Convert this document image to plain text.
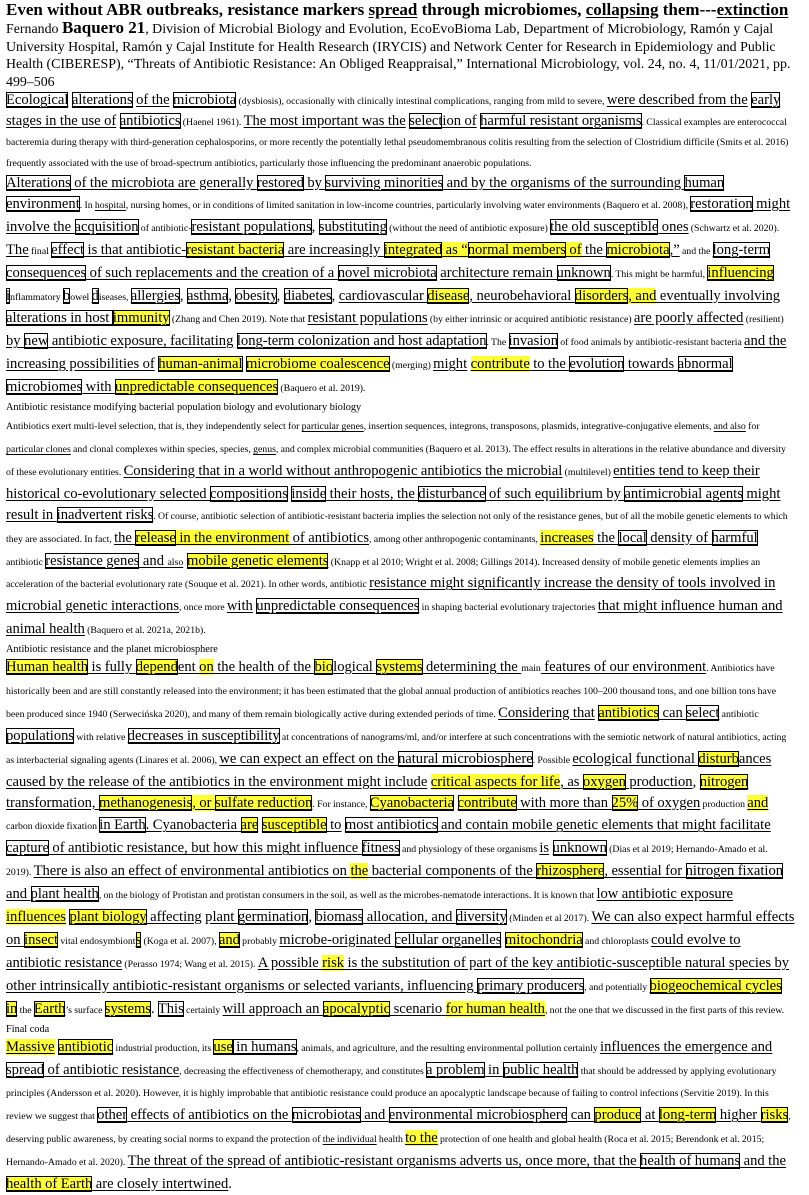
Even without ABR outbreaks, resistance markers spread through microbiomes, collapsing them---extinction

Fernando Baquero 21, Division of Microbial Biology and Evolution, EcoEvoBioma Lab, Department of Microbiology, Ramón y Cajal University Hospital, Ramón y Cajal Institute for Health Research (IRYCIS) and Network Center for Research in Epidemiology and Public Health (CIBERESP), “Threats of Antibiotic Resistance: An Obliged Reappraisal,” International Microbiology, vol. 24, no. 4, 11/01/2021, pp. 499–506

Ecological alterations of the microbiota (dysbiosis), occasionally with clinically intestinal complications, ranging from mild to severe, were described from the early stages in the use of antibiotics (Haenel 1961). The most important was the selection of harmful resistant organisms. Classical examples are enterococcal bacteremia during therapy with third-generation cephalosporins, or more recently the potentially lethal pseudomembranous colitis resulting from the selection of Clostridium difficile (Smits et al. 2016) frequently associated with the use of broad-spectrum antibiotics, particularly those influencing the predominant anaerobic populations.

Alterations of the microbiota are generally restored by surviving minorities and by the organisms of the surrounding human environment. In hospital, nursing homes, or in conditions of limited sanitation in low-income countries, particularly involving water environments (Baquero et al. 2008), restoration might involve the acquisition of antibiotic-resistant populations, substituting (without the need of antibiotic exposure) the old susceptible ones (Schwartz et al. 2020). The final effect is that antibiotic-resistant bacteria are increasingly integrated as “normal members of the microbiota,” and the long-term consequences of such replacements and the creation of a novel microbiota architecture remain unknown. This might be harmful, influencing inflammatory bowel diseases, allergies, asthma, obesity, diabetes, cardiovascular disease, neurobehavioral disorders, and eventually involving alterations in host immunity (Zhang and Chen 2019). Note that resistant populations (by either intrinsic or acquired antibiotic resistance) are poorly affected (resilient) by new antibiotic exposure, facilitating long-term colonization and host adaptation. The invasion of food animals by antibiotic-resistant bacteria and the increasing possibilities of human-animal microbiome coalescence (merging) might contribute to the evolution towards abnormal microbiomes with unpredictable consequences (Baquero et al. 2019).

Antibiotic resistance modifying bacterial population biology and evolutionary biology

Antibiotics exert multi-level selection, that is, they independently select for particular genes, insertion sequences, integrons, transposons, plasmids, integrative-conjugative elements, and also for particular clones and clonal complexes within species, species, genus, and complex microbial communities (Baquero et al. 2013). The effect results in alterations in the relative abundance and diversity of these evolutionary entities. Considering that in a world without anthropogenic antibiotics the microbial (multilevel) entities tend to keep their historical co-evolutionary selected compositions inside their hosts, the disturbance of such equilibrium by antimicrobial agents might result in inadvertent risks. Of course, antibiotic selection of antibiotic-resistant bacteria implies the selection not only of the resistance genes, but of all the mobile genetic elements to which they are associated. In fact, the release in the environment of antibiotics, among other anthropogenic contaminants, increases the local density of harmful antibiotic resistance genes and also mobile genetic elements (Knapp et al 2010; Wright et al. 2008; Gillings 2014). Increased density of mobile genetic elements implies an acceleration of the bacterial evolutionary rate (Souque et al. 2021). In other words, antibiotic resistance might significantly increase the density of tools involved in microbial genetic interactions, once more with unpredictable consequences in shaping bacterial evolutionary trajectories that might influence human and animal health (Baquero et al. 2021a, 2021b).

Antibiotic resistance and the planet microbiosphere

Human health is fully dependent on the health of the biological systems determining the main features of our environment. Antibiotics have historically been and are still constantly released into the environment; it has been estimated that the global annual production of antibiotics reaches 100–200 thousand tons, and one billion tons have been produced since 1940 (Serwecińska 2020), and many of them remain biologically active during extended periods of time. Considering that antibiotics can select antibiotic populations with relative decreases in susceptibility at concentrations of nanograms/ml, and/or interfere at such concentrations with the semiotic network of natural antibiotics, acting as interbacterial signaling agents (Linares et al. 2006), we can expect an effect on the natural microbiosphere. Possible ecological functional disturbances caused by the release of the antibiotics in the environment might include critical aspects for life, as oxygen production, nitrogen transformation, methanogenesis, or sulfate reduction. For instance, Cyanobacteria contribute with more than 25% of oxygen production and carbon dioxide fixation in Earth. Cyanobacteria are susceptible to most antibiotics and contain mobile genetic elements that might facilitate capture of antibiotic resistance, but how this might influence fitness and physiology of these organisms is unknown (Dias et al 2019; Hernando-Amado et al. 2019). There is also an effect of environmental antibiotics on the bacterial components of the rhizosphere, essential for nitrogen fixation and plant health, on the biology of Protistan and protistan consumers in the soil, as well as the microbes-nematode interactions. It is known that low antibiotic exposure influences plant biology affecting plant germination, biomass allocation, and diversity (Minden et al 2017). We can also expect harmful effects on insect vital endosymbionts (Koga et al. 2007), and probably microbe-originated cellular organelles mitochondria and chloroplasts could evolve to antibiotic resistance (Perasso 1974; Wang et al. 2015). A possible risk is the substitution of part of the key antibiotic-susceptible natural species by other intrinsically antibiotic-resistant organisms or selected variants, influencing primary producers, and potentially biogeochemical cycles in the Earth’s surface systems. This certainly will approach an apocalyptic scenario for human health, not the one that we discussed in the first parts of this review.

Final coda

Massive antibiotic industrial production, its use in humans, animals, and agriculture, and the resulting environmental pollution certainly influences the emergence and spread of antibiotic resistance, decreasing the effectiveness of chemotherapy, and constitutes a problem in public health that should be addressed by applying evolutionary principles (Andersson et al. 2020). However, it is highly improbable that antibiotic resistance could produce an apocalyptic landscape because of failing to control infections (Servitie 2019). In this review we suggest that other effects of antibiotics on the microbiotas and environmental microbiosphere can produce at long-term higher risks, deserving public awareness, by creating social norms to expand the protection of the individual health to the protection of one health and global health (Roca et al. 2015; Berendonk et al. 2015; Hernando-Amado et al. 2020). The threat of the spread of antibiotic-resistant organisms adverts us, once more, that the health of humans and the health of Earth are closely intertwined.
